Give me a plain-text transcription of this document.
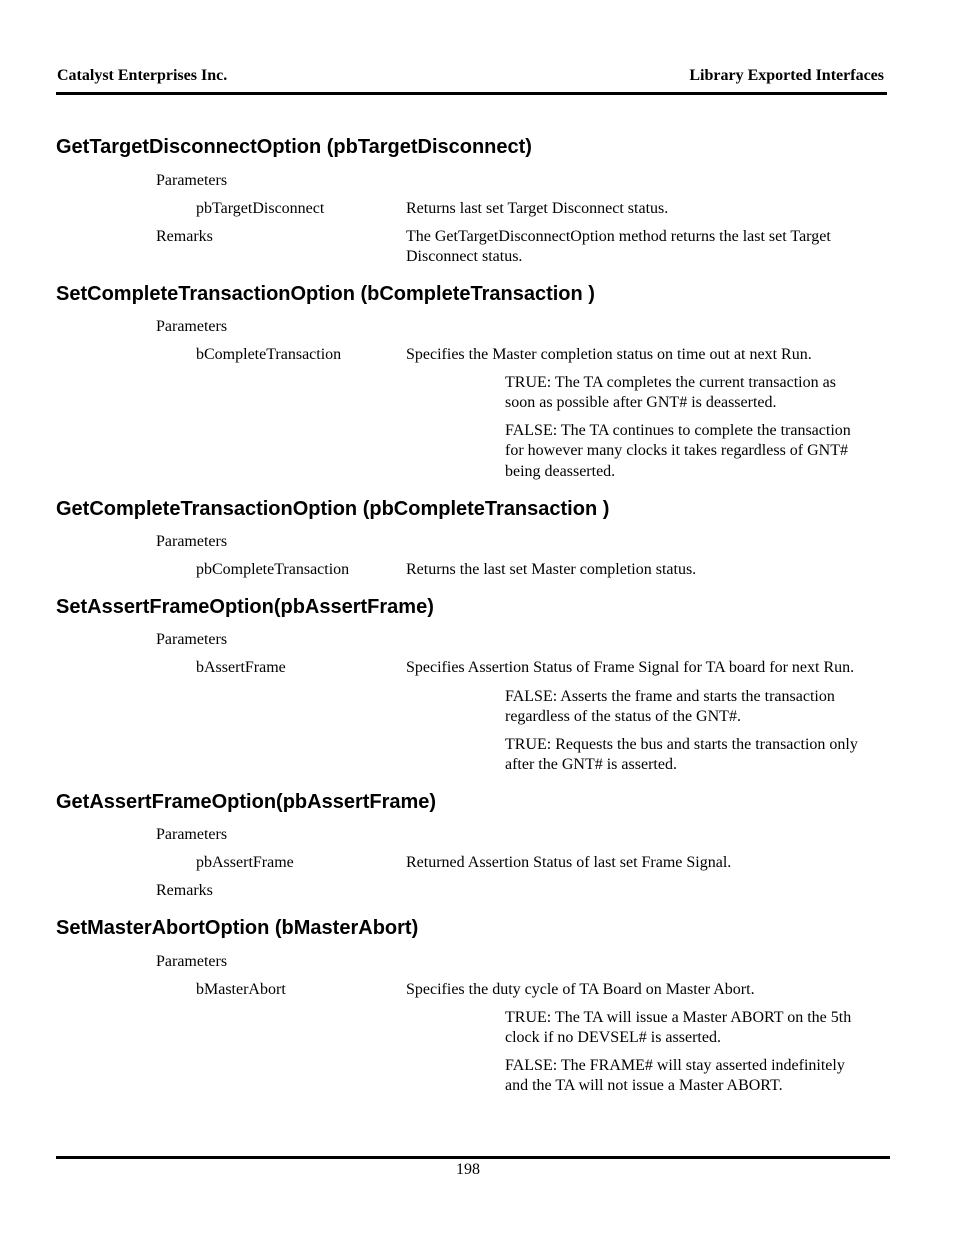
Catalyst Enterprises Inc.	Library Exported Interfaces
GetTargetDisconnectOption (pbTargetDisconnect)
Parameters
pbTargetDisconnect	Returns last set Target Disconnect status.
Remarks	The GetTargetDisconnectOption method returns the last set Target
Disconnect status.
SetCompleteTransactionOption (bCompleteTransaction )
Parameters
bCompleteTransaction	Specifies the Master completion status on time out at next Run.
TRUE: The TA completes the current transaction as
soon as possible after GNT# is deasserted.
FALSE: The TA continues to complete the transaction
for however many clocks it takes regardless of GNT#
being deasserted.
GetCompleteTransactionOption (pbCompleteTransaction )
Parameters
pbCompleteTransaction	Returns the last set Master completion status.
SetAssertFrameOption(pbAssertFrame)
Parameters
bAssertFrame	Specifies Assertion Status of Frame Signal for TA board for next Run.
FALSE: Asserts the frame and starts the transaction
regardless of the status of the GNT#.
TRUE: Requests the bus and starts the transaction only
after the GNT# is asserted.
GetAssertFrameOption(pbAssertFrame)
Parameters
pbAssertFrame	Returned Assertion Status of last set Frame Signal.
Remarks
SetMasterAbortOption (bMasterAbort)
Parameters
bMasterAbort	Specifies the duty cycle of TA Board on Master Abort.
TRUE: The TA will issue a Master ABORT on the 5th
clock if no DEVSEL# is asserted.
FALSE: The FRAME# will stay asserted indefinitely
and the TA will not issue a Master ABORT.
198
